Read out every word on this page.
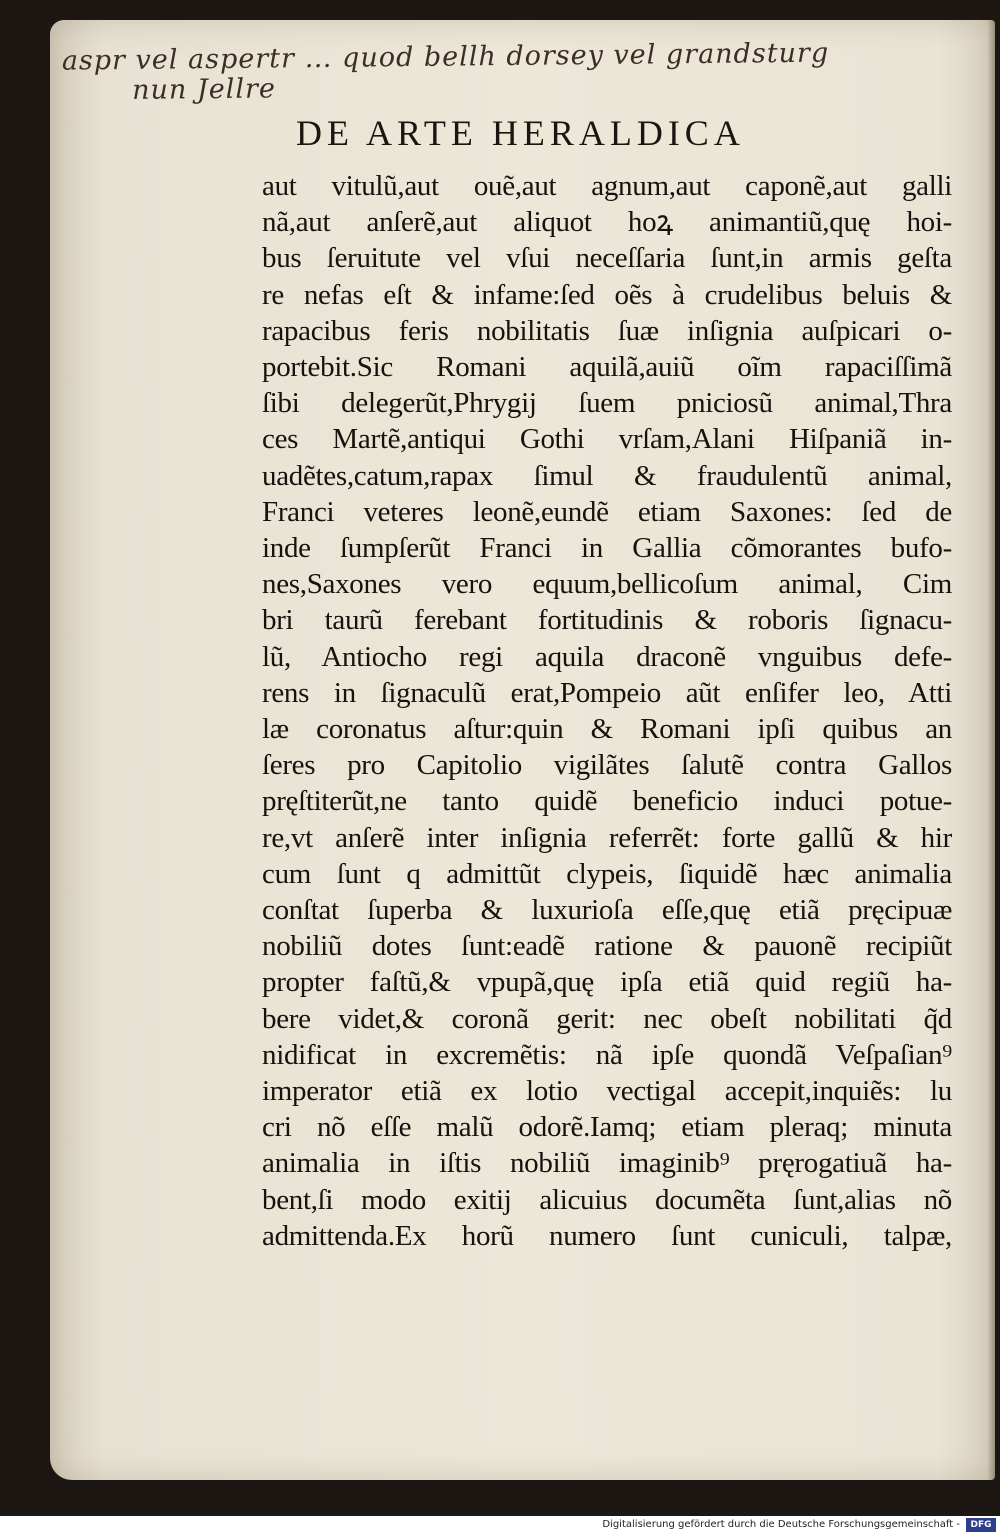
aspr vel aspertr … quod bellh dorsey vel grandsturg
nun Jellre
DE ARTE HERALDICA
aut vitulũ,aut ouẽ,aut agnum,aut caponẽ,aut galli
nã,aut anſerẽ,aut aliquot hoꝝ animantiũ,quę hoi-
bus ſeruitute vel vſui neceſſaria ſunt,in armis geſta
re nefas eſt & infame:ſed oẽs à crudelibus beluis &
rapacibus feris nobilitatis ſuæ inſignia auſpicari o-
portebit.Sic Romani aquilã,auiũ oĩm rapaciſſimã
ſibi delegerũt,Phrygij ſuem pniciosũ animal,Thra
ces Martẽ,antiqui Gothi vrſam,Alani Hiſpaniã in-
uadẽtes,catum,rapax ſimul & fraudulentũ animal,
Franci veteres leonẽ,eundẽ etiam Saxones: ſed de
inde ſumpſerũt Franci in Gallia cõmorantes bufo-
nes,Saxones vero equum,bellicoſum animal, Cim
bri taurũ ferebant fortitudinis & roboris ſignacu-
lũ, Antiocho regi aquila draconẽ vnguibus defe-
rens in ſignaculũ erat,Pompeio aũt enſifer leo, Atti
læ coronatus aſtur:quin & Romani ipſi quibus an
ſeres pro Capitolio vigilãtes ſalutẽ contra Gallos
pręſtiterũt,ne tanto quidẽ beneficio induci potue-
re,vt anſerẽ inter inſignia referrẽt: forte gallũ & hir
cum ſunt q admittũt clypeis, ſiquidẽ hæc animalia
conſtat ſuperba & luxurioſa eſſe,quę etiã pręcipuæ
nobiliũ dotes ſunt:eadẽ ratione & pauonẽ recipiũt
propter faſtũ,& vpupã,quę ipſa etiã quid regiũ ha-
bere videt,& coronã gerit: nec obeſt nobilitati q̃d
nidificat in excremẽtis: nã ipſe quondã Veſpaſian⁹
imperator etiã ex lotio vectigal accepit,inquiẽs: lu
cri nõ eſſe malũ odorẽ.Iamq; etiam pleraq; minuta
animalia in iſtis nobiliũ imaginib⁹ pręrogatiuã ha-
bent,ſi modo exitij alicuius documẽta ſunt,alias nõ
admittenda.Ex horũ numero ſunt cuniculi, talpæ,
Digitalisierung gefördert durch die Deutsche Forschungsgemeinschaft -	DFG
